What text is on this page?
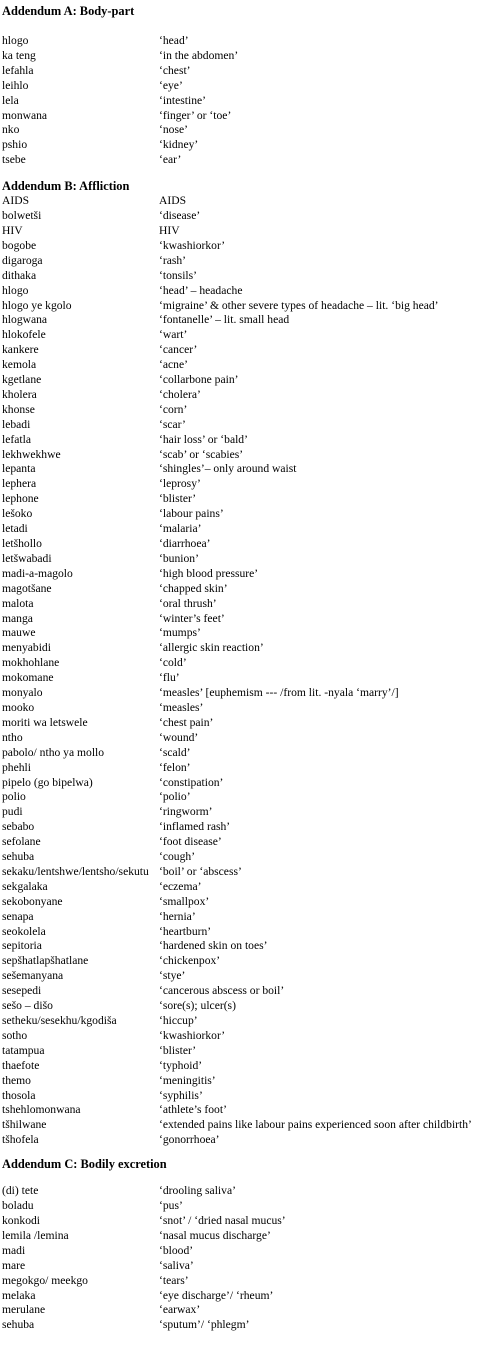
Addendum A: Body-part
hlogo	‘head’
ka teng	‘in the abdomen’
lefahla	‘chest’
leihlo	‘eye’
lela	‘intestine’
monwana	‘finger’ or ‘toe’
nko	‘nose’
pshio	‘kidney’
tsebe	‘ear’
Addendum B: Affliction
AIDS	AIDS
bolwetši	‘disease’
HIV	HIV
bogobe	‘kwashiorkor’
digaroga	‘rash’
dithaka	‘tonsils’
hlogo	‘head’ – headache
hlogo ye kgolo	‘migraine’ & other severe types of headache – lit. ‘big head’
hlogwana	‘fontanelle’ – lit. small head
hlokofele	‘wart’
kankere	‘cancer’
kemola	‘acne’
kgetlane	‘collarbone pain’
kholera	‘cholera’
khonse	‘corn’
lebadi	‘scar’
lefatla	‘hair loss’ or ‘bald’
lekhwekhwe	‘scab’ or ‘scabies’
lepanta	‘shingles’– only around waist
lephera	‘leprosy’
lephone	‘blister’
lešoko	‘labour pains’
letadi	‘malaria’
letšhollo	‘diarrhoea’
letšwabadi	‘bunion’
madi-a-magolo	‘high blood pressure’
magotšane	‘chapped skin’
malota	‘oral thrush’
manga	‘winter’s feet’
mauwe	‘mumps’
menyabidi	‘allergic skin reaction’
mokhohlane	‘cold’
mokomane	‘flu’
monyalo	‘measles’ [euphemism --- /from lit. -nyala ‘marry’/]
mooko	‘measles’
moriti wa letswele	‘chest pain’
ntho	‘wound’
pabolo/ ntho ya mollo	‘scald’
phehli	‘felon’
pipelo (go bipelwa)	‘constipation’
polio	‘polio’
pudi	‘ringworm’
sebabo	‘inflamed rash’
sefolane	‘foot disease’
sehuba	‘cough’
sekaku/lentshwe/lentsho/sekutu ‘boil’ or ‘abscess’
sekgalaka	‘eczema’
sekobonyane	‘smallpox’
senapa	‘hernia’
seokolela	‘heartburn’
sepitoria	‘hardened skin on toes’
sepšhatlapšhatlane	‘chickenpox’
sešemanyana	‘stye’
sesepedi	‘cancerous abscess or boil’
sešo – dišo	‘sore(s); ulcer(s)
setheku/sesekhu/kgodiša	‘hiccup’
sotho	‘kwashiorkor’
tatampua	‘blister’
thaefote	‘typhoid’
themo	‘meningitis’
thosola	‘syphilis’
tshehlomonwana	‘athlete’s foot’
tšhilwane	‘extended pains like labour pains experienced soon after childbirth’
tšhofela	‘gonorrhoea’
Addendum C: Bodily excretion
(di) tete	‘drooling saliva’
boladu	‘pus’
konkodi	‘snot’ / ‘dried nasal mucus’
lemila /lemina	‘nasal mucus discharge’
madi	‘blood’
mare	‘saliva’
megokgo/ meekgo	‘tears’
melaka	‘eye discharge’/ ‘rheum’
merulane	‘earwax’
sehuba	‘sputum’/ ‘phlegm’
